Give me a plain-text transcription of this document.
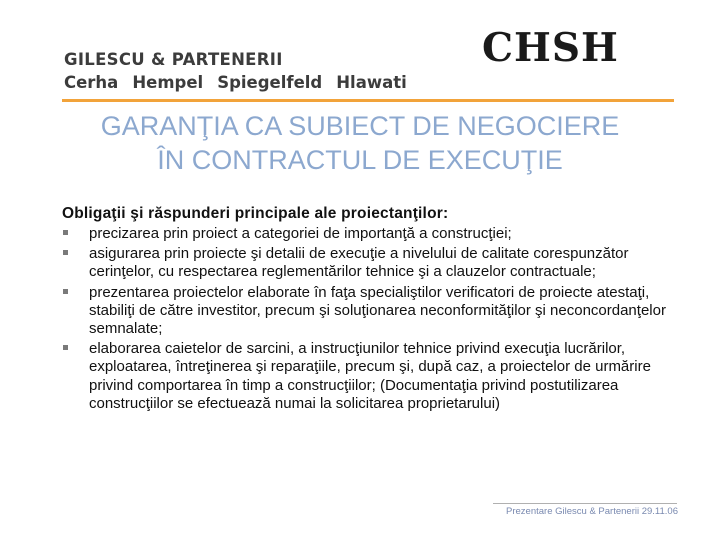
GILESCU & PARTENERII
Cerha Hempel Spiegelfeld Hlawati
CHSH
GARANŢIA CA SUBIECT DE NEGOCIERE
ÎN CONTRACTUL DE EXECUŢIE
Obligaţii şi răspunderi principale ale proiectanţilor:
precizarea prin proiect a categoriei de importanţă a construcţiei;
asigurarea prin proiecte şi detalii de execuţie a nivelului de calitate corespunzător cerinţelor, cu respectarea reglementărilor tehnice şi a clauzelor contractuale;
prezentarea proiectelor elaborate în faţa specialiştilor verificatori de proiecte atestaţi, stabiliţi de către investitor, precum şi soluţionarea neconformităţilor şi neconcordanţelor semnalate;
elaborarea caietelor de sarcini, a instrucţiunilor tehnice privind execuţia lucrărilor, exploatarea, întreţinerea şi reparaţiile, precum şi, după caz, a proiectelor de urmărire privind comportarea în timp a construcţiilor; (Documentaţia privind postutilizarea construcţiilor se efectuează numai la solicitarea proprietarului)
Prezentare Gilescu & Partenerii 29.11.06
